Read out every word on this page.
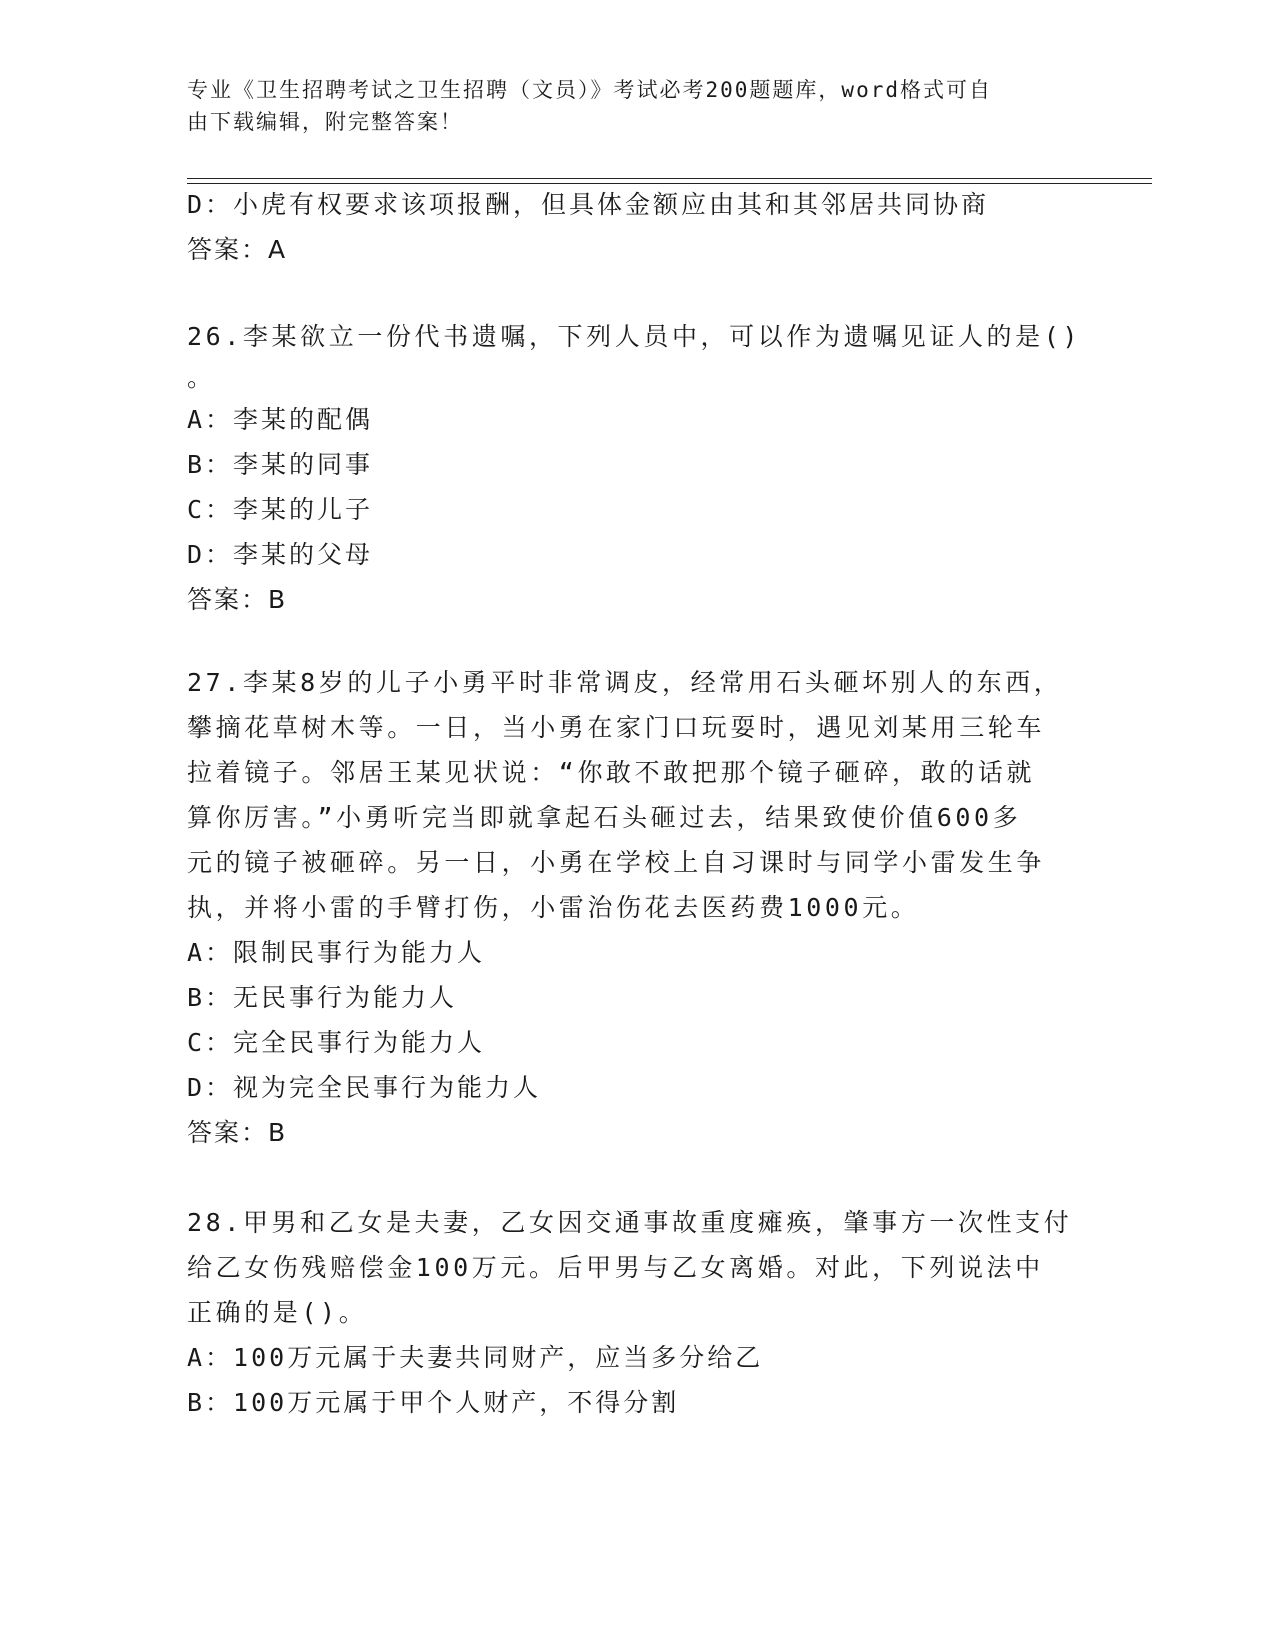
专业《卫生招聘考试之卫生招聘（文员）》考试必考200题题库，word格式可自
由下载编辑，附完整答案！
D：小虎有权要求该项报酬，但具体金额应由其和其邻居共同协商
答案：A
26.李某欲立一份代书遗嘱，下列人员中，可以作为遗嘱见证人的是()
。
A：李某的配偶
B：李某的同事
C：李某的儿子
D：李某的父母
答案：B
27.李某8岁的儿子小勇平时非常调皮，经常用石头砸坏别人的东西，
攀摘花草树木等。一日，当小勇在家门口玩耍时，遇见刘某用三轮车
拉着镜子。邻居王某见状说：“你敢不敢把那个镜子砸碎，敢的话就
算你厉害。”小勇听完当即就拿起石头砸过去，结果致使价值600多
元的镜子被砸碎。另一日，小勇在学校上自习课时与同学小雷发生争
执，并将小雷的手臂打伤，小雷治伤花去医药费1000元。
A：限制民事行为能力人
B：无民事行为能力人
C：完全民事行为能力人
D：视为完全民事行为能力人
答案：B
28.甲男和乙女是夫妻，乙女因交通事故重度瘫痪，肇事方一次性支付
给乙女伤残赔偿金100万元。后甲男与乙女离婚。对此，下列说法中
正确的是()。
A：100万元属于夫妻共同财产，应当多分给乙
B：100万元属于甲个人财产，不得分割
